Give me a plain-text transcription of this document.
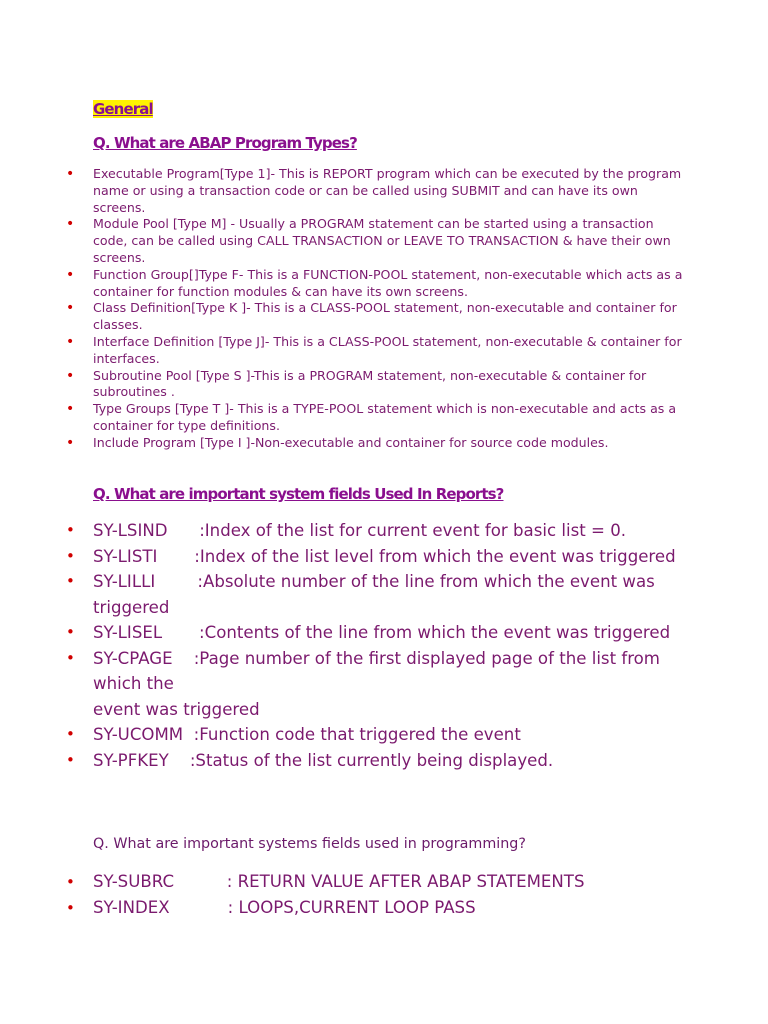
General
Q. What are ABAP Program Types?
• Executable Program[Type 1]- This is REPORT program which can be executed by the program name or using a transaction code or can be called using SUBMIT and can have its own screens.
• Module Pool [Type M] - Usually a PROGRAM statement can be started using a transaction code, can be called using CALL TRANSACTION or LEAVE TO TRANSACTION & have their own screens.
• Function Group[]Type F- This is a FUNCTION-POOL statement, non-executable which acts as a container for function modules & can have its own screens.
• Class Definition[Type K ]- This is a CLASS-POOL statement, non-executable and container for classes.
• Interface Definition [Type J]- This is a CLASS-POOL statement, non-executable & container for interfaces.
• Subroutine Pool [Type S ]-This is a PROGRAM statement, non-executable & container for subroutines .
• Type Groups [Type T ]- This is a TYPE-POOL statement which is non-executable and acts as a container for type definitions.
• Include Program [Type I ]-Non-executable and container for source code modules.
Q. What are important system fields Used In Reports?
• SY-LSIND      :Index of the list for current event for basic list = 0.
• SY-LISTI       :Index of the list level from which the event was triggered
• SY-LILLI        :Absolute number of the line from which the event was triggered
• SY-LISEL       :Contents of the line from which the event was triggered
• SY-CPAGE    :Page number of the first displayed page of the list from which the
event was triggered
• SY-UCOMM  :Function code that triggered the event
• SY-PFKEY    :Status of the list currently being displayed.

Q. What are important systems fields used in programming?

• SY-SUBRC          : RETURN VALUE AFTER ABAP STATEMENTS
• SY-INDEX           : LOOPS,CURRENT LOOP PASS
